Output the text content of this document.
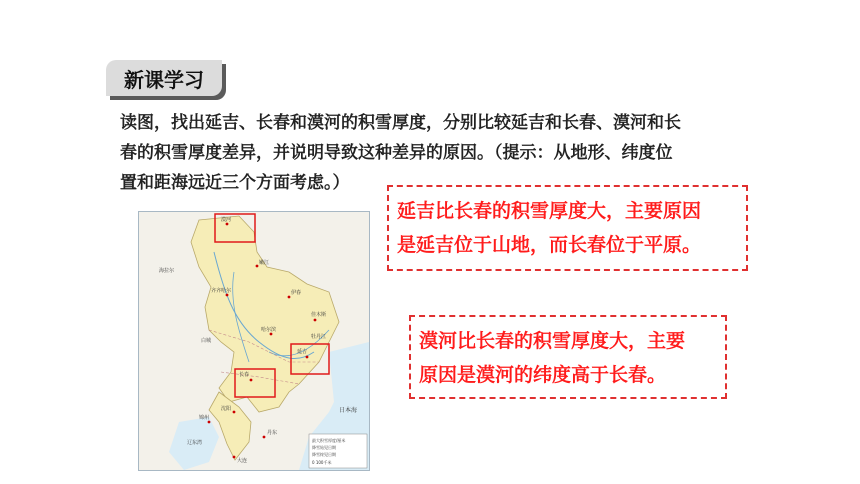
新课学习
读图，找出延吉、长春和漠河的积雪厚度，分别比较延吉和长春、漠河和长
春的积雪厚度差异，并说明导致这种差异的原因。（提示：从地形、纬度位
置和距海远近三个方面考虑。）
漠河
嫩江
齐齐哈尔	伊春
哈尔滨
佳木斯
长春
延吉
沈阳
丹东
锦州
大连
白城
海拉尔
牡丹江
日本海
辽东湾	最大积雪厚度/厘米
降雪始见日期
降雪终见日期
0 100千米
延吉比长春的积雪厚度大，主要原因
是延吉位于山地，而长春位于平原。
漠河比长春的积雪厚度大，主要
原因是漠河的纬度高于长春。
